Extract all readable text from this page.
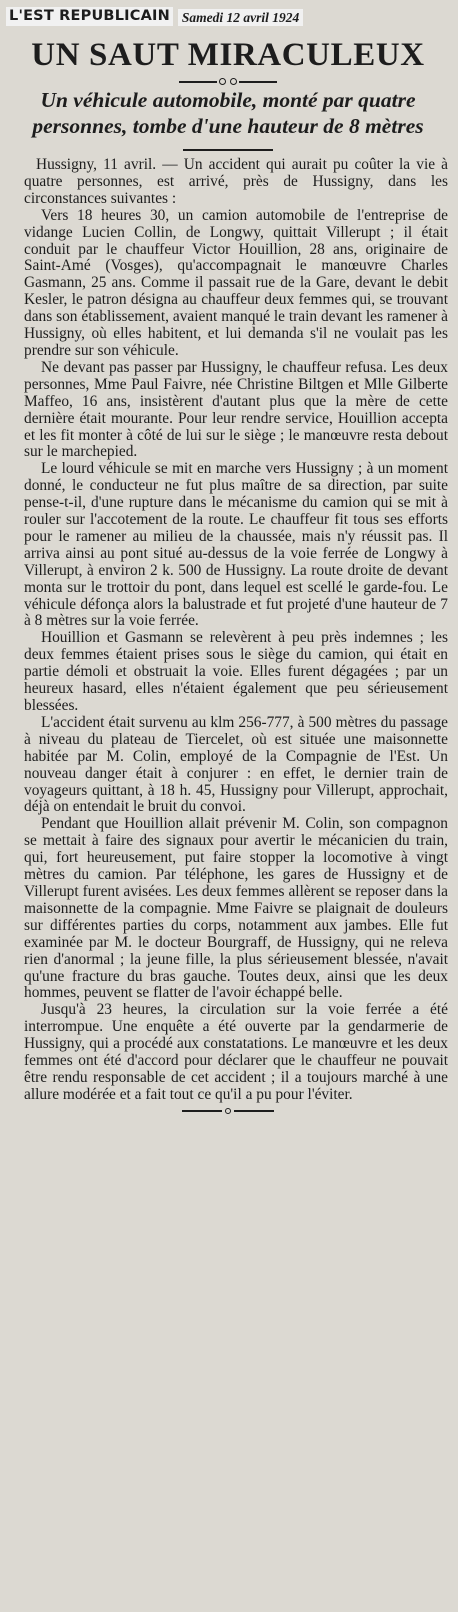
L'EST REPUBLICAIN Samedi 12 avril 1924
UN SAUT MIRACULEUX
Un véhicule automobile, monté par quatre personnes, tombe d'une hauteur de 8 mètres

Hussigny, 11 avril. — Un accident qui aurait pu coûter la vie à quatre personnes, est arrivé, près de Hussigny, dans les circonstances suivantes :

Vers 18 heures 30, un camion automobile de l'entreprise de vidange Lucien Collin, de Longwy, quittait Villerupt ; il était conduit par le chauffeur Victor Houillion, 28 ans, originaire de Saint-Amé (Vosges), qu'accompagnait le manœuvre Charles Gasmann, 25 ans. Comme il passait rue de la Gare, devant le debit Kesler, le patron désigna au chauffeur deux femmes qui, se trouvant dans son établissement, avaient manqué le train devant les ramener à Hussigny, où elles habitent, et lui demanda s'il ne voulait pas les prendre sur son véhicule.

Ne devant pas passer par Hussigny, le chauffeur refusa. Les deux personnes, Mme Paul Faivre, née Christine Biltgen et Mlle Gilberte Maffeo, 16 ans, insistèrent d'autant plus que la mère de cette dernière était mourante. Pour leur rendre service, Houillion accepta et les fit monter à côté de lui sur le siège ; le manœuvre resta debout sur le marchepied.

Le lourd véhicule se mit en marche vers Hussigny ; à un moment donné, le conducteur ne fut plus maître de sa direction, par suite pense-t-il, d'une rupture dans le mécanisme du camion qui se mit à rouler sur l'accotement de la route. Le chauffeur fit tous ses efforts pour le ramener au milieu de la chaussée, mais n'y réussit pas. Il arriva ainsi au pont situé au-dessus de la voie ferrée de Longwy à Villerupt, à environ 2 k. 500 de Hussigny. La route droite de devant monta sur le trottoir du pont, dans lequel est scellé le garde-fou. Le véhicule défonça alors la balustrade et fut projeté d'une hauteur de 7 à 8 mètres sur la voie ferrée.

Houillion et Gasmann se relevèrent à peu près indemnes ; les deux femmes étaient prises sous le siège du camion, qui était en partie démoli et obstruait la voie. Elles furent dégagées ; par un heureux hasard, elles n'étaient également que peu sérieusement blessées.

L'accident était survenu au klm 256-777, à 500 mètres du passage à niveau du plateau de Tiercelet, où est située une maisonnette habitée par M. Colin, employé de la Compagnie de l'Est. Un nouveau danger était à conjurer : en effet, le dernier train de voyageurs quittant, à 18 h. 45, Hussigny pour Villerupt, approchait, déjà on entendait le bruit du convoi.

Pendant que Houillion allait prévenir M. Colin, son compagnon se mettait à faire des signaux pour avertir le mécanicien du train, qui, fort heureusement, put faire stopper la locomotive à vingt mètres du camion. Par téléphone, les gares de Hussigny et de Villerupt furent avisées. Les deux femmes allèrent se reposer dans la maisonnette de la compagnie. Mme Faivre se plaignait de douleurs sur différentes parties du corps, notamment aux jambes. Elle fut examinée par M. le docteur Bourgraff, de Hussigny, qui ne releva rien d'anormal ; la jeune fille, la plus sérieusement blessée, n'avait qu'une fracture du bras gauche. Toutes deux, ainsi que les deux hommes, peuvent se flatter de l'avoir échappé belle.

Jusqu'à 23 heures, la circulation sur la voie ferrée a été interrompue. Une enquête a été ouverte par la gendarmerie de Hussigny, qui a procédé aux constatations. Le manœuvre et les deux femmes ont été d'accord pour déclarer que le chauffeur ne pouvait être rendu responsable de cet accident ; il a toujours marché à une allure modérée et a fait tout ce qu'il a pu pour l'éviter.
